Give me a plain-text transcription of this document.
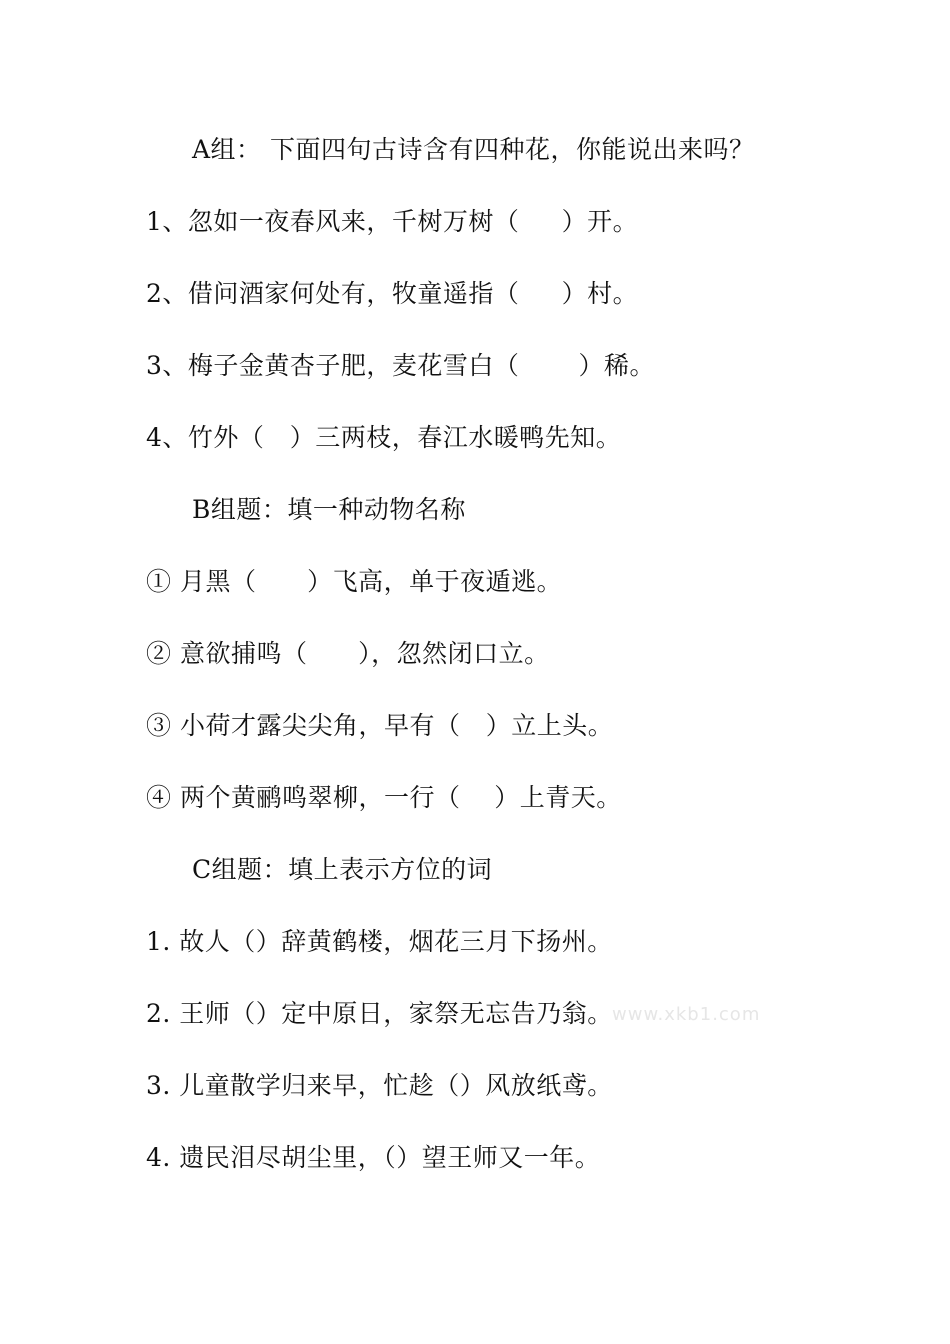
A组： 下面四句古诗含有四种花，你能说出来吗？
1、忽如一夜春风来，千树万树（     ）开。
2、借问酒家何处有，牧童遥指（     ）村。
3、梅子金黄杏子肥，麦花雪白（       ）稀。
4、竹外（   ）三两枝，春江水暖鸭先知。
B组题：填一种动物名称
① 月黑（      ）飞高，单于夜遁逃。
② 意欲捕鸣（      ），忽然闭口立。
③ 小荷才露尖尖角，早有（   ）立上头。
④ 两个黄鹂鸣翠柳，一行（    ）上青天。
C组题：填上表示方位的词
1. 故人（）辞黄鹤楼，烟花三月下扬州。
2. 王师（）定中原日，家祭无忘告乃翁。
3. 儿童散学归来早，忙趁（）风放纸鸢。
4. 遗民泪尽胡尘里，（）望王师又一年。
www.xkb1.com
